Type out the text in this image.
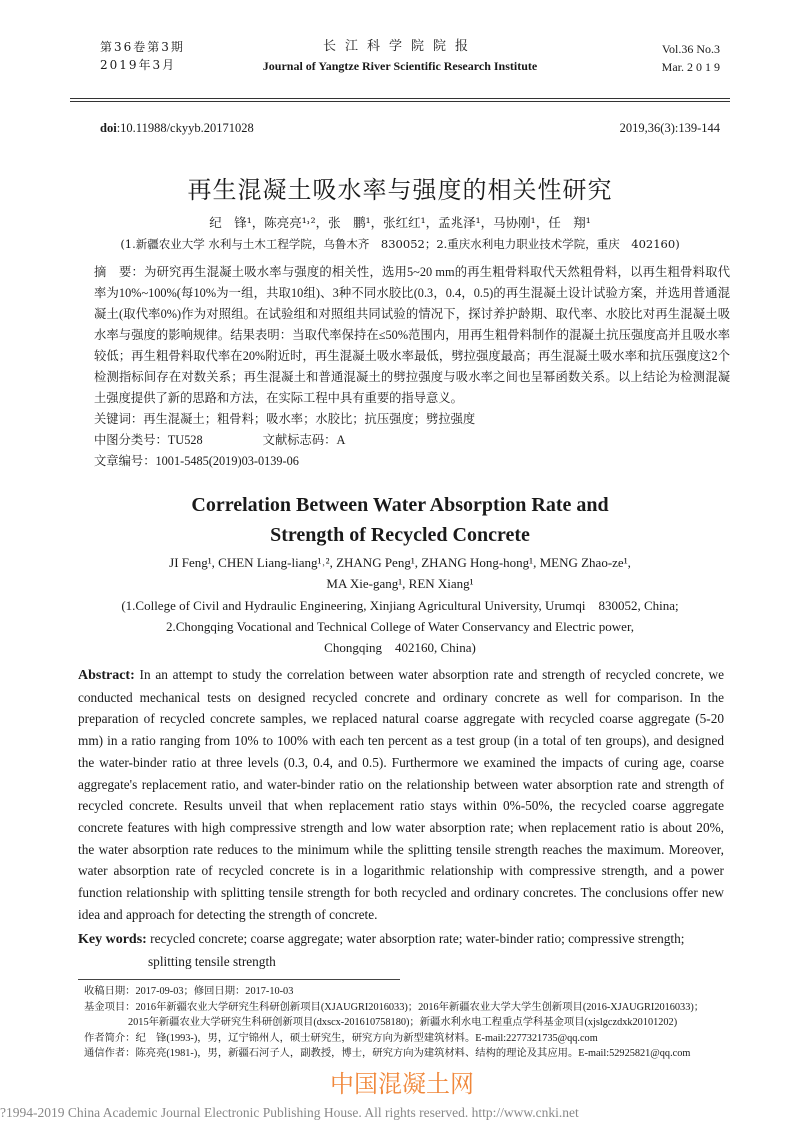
第36卷第3期
2019年3月
长江科学院院报
Journal of Yangtze River Scientific Research Institute
Vol.36 No.3
Mar. 2 0 1 9
doi:10.11988/ckyyb.20171028	2019,36(3):139-144
再生混凝土吸水率与强度的相关性研究
纪　锋¹，陈亮亮¹˒²，张　鹏¹，张红红¹，孟兆泽¹，马协刚¹，任　翔¹
(1.新疆农业大学 水利与土木工程学院，乌鲁木齐　830052；2.重庆水利电力职业技术学院，重庆　402160)

摘　要：为研究再生混凝土吸水率与强度的相关性，选用5~20 mm的再生粗骨料取代天然粗骨料，以再生粗骨料取代率为10%~100%(每10%为一组，共取10组)、3种不同水胶比(0.3，0.4，0.5)的再生混凝土设计试验方案，并选用普通混凝土(取代率0%)作为对照组。在试验组和对照组共同试验的情况下，探讨养护龄期、取代率、水胶比对再生混凝土吸水率与强度的影响规律。结果表明：当取代率保持在≤50%范围内，用再生粗骨料制作的混凝土抗压强度高并且吸水率较低；再生粗骨料取代率在20%附近时，再生混凝土吸水率最低，劈拉强度最高；再生混凝土吸水率和抗压强度这2个检测指标间存在对数关系；再生混凝土和普通混凝土的劈拉强度与吸水率之间也呈幂函数关系。以上结论为检测混凝土强度提供了新的思路和方法，在实际工程中具有重要的指导意义。

关键词：再生混凝土；粗骨料；吸水率；水胶比；抗压强度；劈拉强度

中图分类号：TU528	文献标志码：A

文章编号：1001-5485(2019)03-0139-06

Correlation Between Water Absorption Rate and
Strength of Recycled Concrete
JI Feng¹, CHEN Liang-liang¹˒², ZHANG Peng¹, ZHANG Hong-hong¹, MENG Zhao-ze¹,
MA Xie-gang¹, REN Xiang¹
(1.College of Civil and Hydraulic Engineering, Xinjiang Agricultural University, Urumqi　830052, China;
2.Chongqing Vocational and Technical College of Water Conservancy and Electric power,
Chongqing　402160, China)
Abstract: In an attempt to study the correlation between water absorption rate and strength of recycled concrete, we conducted mechanical tests on designed recycled concrete and ordinary concrete as well for comparison. In the preparation of recycled concrete samples, we replaced natural coarse aggregate with recycled coarse aggregate (5-20 mm) in a ratio ranging from 10% to 100% with each ten percent as a test group (in a total of ten groups), and designed the water-binder ratio at three levels (0.3, 0.4, and 0.5). Furthermore we examined the impacts of curing age, coarse aggregate's replacement ratio, and water-binder ratio on the relationship between water absorption rate and strength of recycled concrete. Results unveil that when replacement ratio stays within 0%-50%, the recycled coarse aggregate concrete features with high compressive strength and low water absorption rate; when replacement ratio is about 20%, the water absorption rate reduces to the minimum while the splitting tensile strength reaches the maximum. Moreover, water absorption rate of recycled concrete is in a logarithmic relationship with compressive strength, and a power function relationship with splitting tensile strength for both recycled and ordinary concretes. The conclusions offer new idea and approach for detecting the strength of concrete.
Key words: recycled concrete; coarse aggregate; water absorption rate; water-binder ratio; compressive strength; splitting tensile strength
收稿日期：2017-09-03；修回日期：2017-10-03
基金项目：2016年新疆农业大学研究生科研创新项目(XJAUGRI2016033)；2016年新疆农业大学大学生创新项目(2016-XJAUGRI2016033)；
2015年新疆农业大学研究生科研创新项目(dxscx-201610758180)；新疆水利水电工程重点学科基金项目(xjslgczdxk20101202)
作者简介：纪　锋(1993-)，男，辽宁锦州人，硕士研究生，研究方向为新型建筑材料。E-mail:2277321735@qq.com
通信作者：陈亮亮(1981-)，男，新疆石河子人，副教授，博士，研究方向为建筑材料、结构的理论及其应用。E-mail:52925821@qq.com
中国混凝土网
?1994-2019 China Academic Journal Electronic Publishing House. All rights reserved. http://www.cnki.net
